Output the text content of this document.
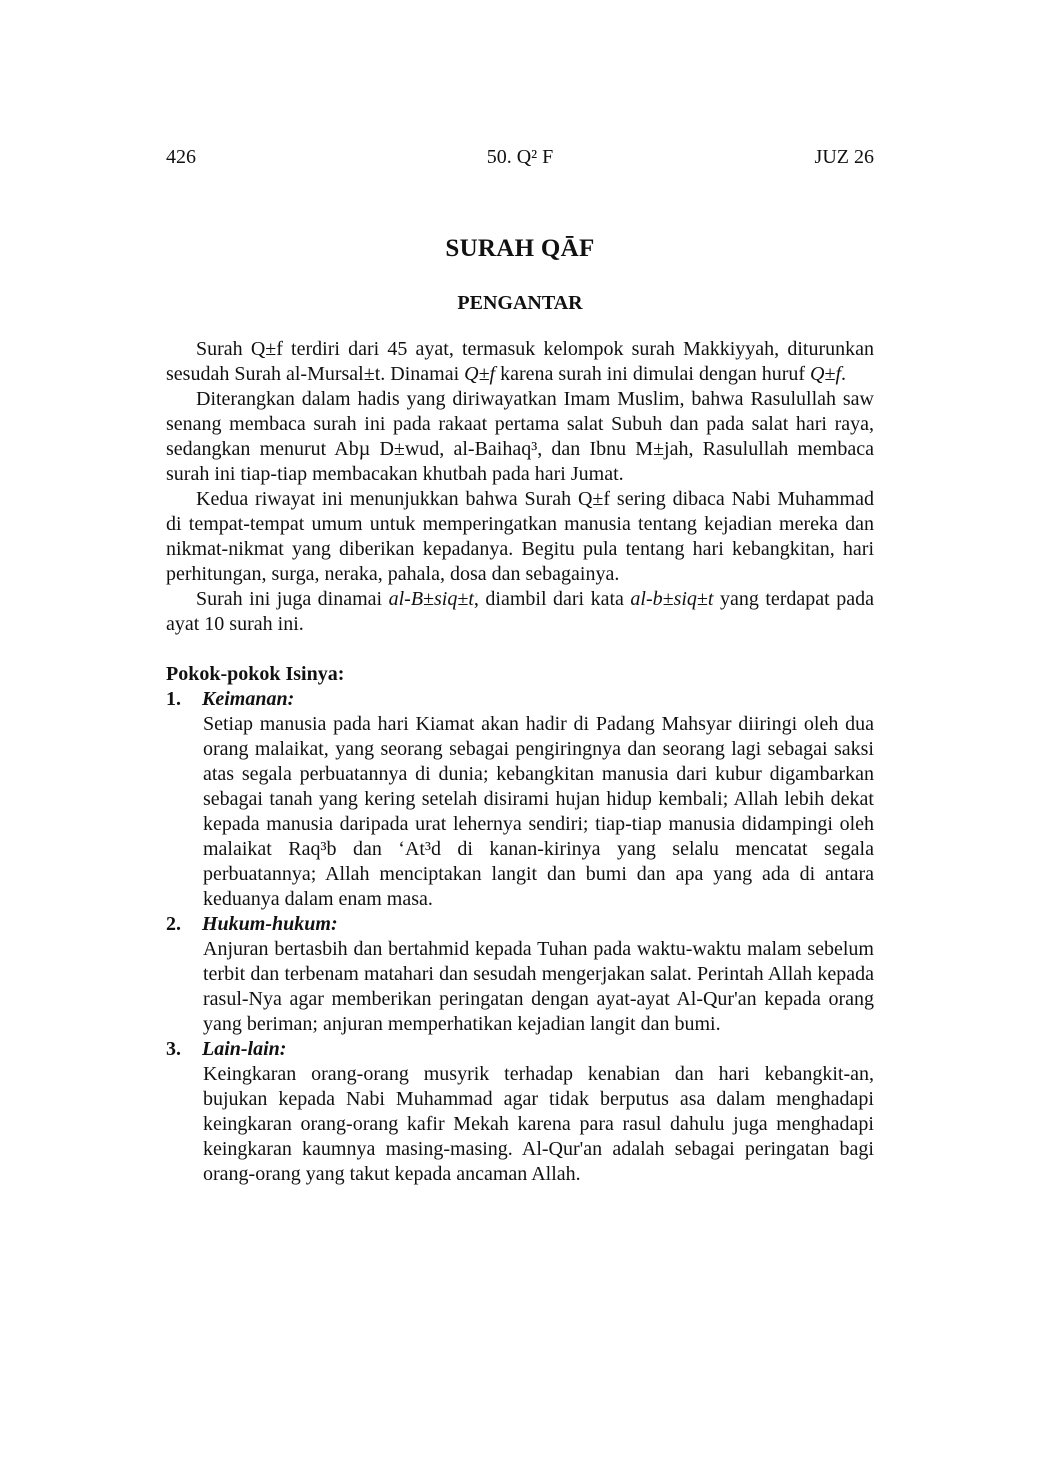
426	50. Q² F	JUZ 26
SURAH QĀF
PENGANTAR

Surah Q±f terdiri dari 45 ayat, termasuk kelompok surah Makkiyyah, diturunkan sesudah Surah al-Mursal±t. Dinamai Q±f karena surah ini dimulai dengan huruf Q±f.

Diterangkan dalam hadis yang diriwayatkan Imam Muslim, bahwa Rasulullah saw senang membaca surah ini pada rakaat pertama salat Subuh dan pada salat hari raya, sedangkan menurut Abµ D±wud, al-Baihaq³, dan Ibnu M±jah, Rasulullah membaca surah ini tiap-tiap membacakan khutbah pada hari Jumat.

Kedua riwayat ini menunjukkan bahwa Surah Q±f sering dibaca Nabi Muhammad di tempat-tempat umum untuk memperingatkan manusia tentang kejadian mereka dan nikmat-nikmat yang diberikan kepadanya. Begitu pula tentang hari kebangkitan, hari perhitungan, surga, neraka, pahala, dosa dan sebagainya.

Surah ini juga dinamai al-B±siq±t, diambil dari kata al-b±siq±t yang terdapat pada ayat 10 surah ini.

Pokok-pokok Isinya:

1. Keimanan:

Setiap manusia pada hari Kiamat akan hadir di Padang Mahsyar diiringi oleh dua orang malaikat, yang seorang sebagai pengiringnya dan seorang lagi sebagai saksi atas segala perbuatannya di dunia; kebangkitan manusia dari kubur digambarkan sebagai tanah yang kering setelah disirami hujan hidup kembali; Allah lebih dekat kepada manusia daripada urat lehernya sendiri; tiap-tiap manusia didampingi oleh malaikat Raq³b dan ‘At³d di kanan-kirinya yang selalu mencatat segala perbuatannya; Allah menciptakan langit dan bumi dan apa yang ada di antara keduanya dalam enam masa.

2. Hukum-hukum:

Anjuran bertasbih dan bertahmid kepada Tuhan pada waktu-waktu malam sebelum terbit dan terbenam matahari dan sesudah mengerjakan salat. Perintah Allah kepada rasul-Nya agar memberikan peringatan dengan ayat-ayat Al-Qur'an kepada orang yang beriman; anjuran memperhatikan kejadian langit dan bumi.

3. Lain-lain:

Keingkaran orang-orang musyrik terhadap kenabian dan hari kebangkit-an, bujukan kepada Nabi Muhammad agar tidak berputus asa dalam menghadapi keingkaran orang-orang kafir Mekah karena para rasul dahulu juga menghadapi keingkaran kaumnya masing-masing. Al-Qur'an adalah sebagai peringatan bagi orang-orang yang takut kepada ancaman Allah.
